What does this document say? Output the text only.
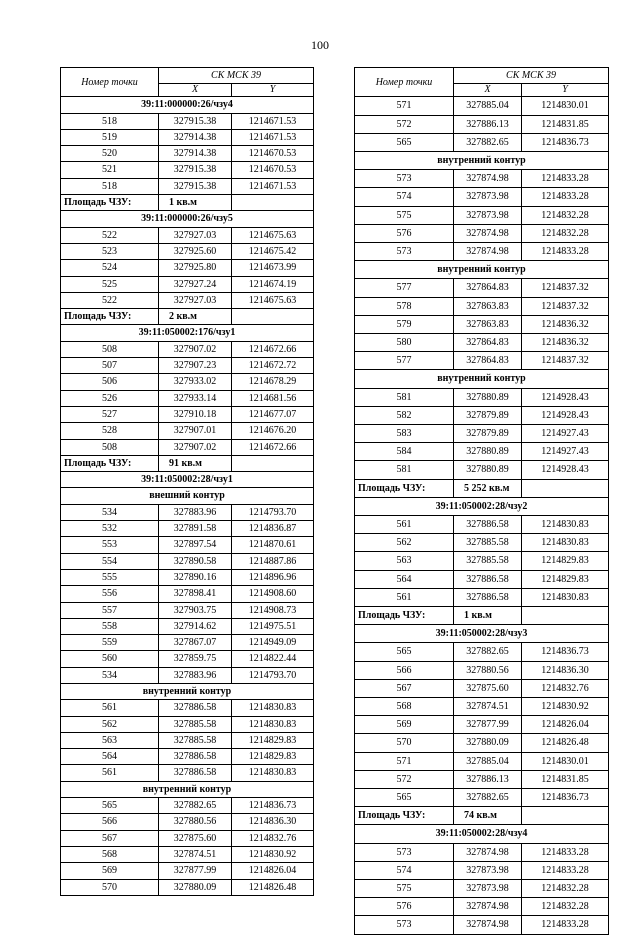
100
Номер точки	СК МСК 39	
	X	Y
39:11:000000:26/чзу4		
518	327915.38	1214671.53
519	327914.38	1214671.53
520	327914.38	1214670.53
521	327915.38	1214670.53
518	327915.38	1214671.53
Площадь ЧЗУ:	1 кв.м	
39:11:000000:26/чзу5		
522	327927.03	1214675.63
523	327925.60	1214675.42
524	327925.80	1214673.99
525	327927.24	1214674.19
522	327927.03	1214675.63
Площадь ЧЗУ:	2 кв.м	
39:11:050002:176/чзу1		
508	327907.02	1214672.66
507	327907.23	1214672.72
506	327933.02	1214678.29
526	327933.14	1214681.56
527	327910.18	1214677.07
528	327907.01	1214676.20
508	327907.02	1214672.66
Площадь ЧЗУ:	91 кв.м	
39:11:050002:28/чзу1		
внешний контур		
534	327883.96	1214793.70
532	327891.58	1214836.87
553	327897.54	1214870.61
554	327890.58	1214887.86
555	327890.16	1214896.96
556	327898.41	1214908.60
557	327903.75	1214908.73
558	327914.62	1214975.51
559	327867.07	1214949.09
560	327859.75	1214822.44
534	327883.96	1214793.70
внутренний контур		
561	327886.58	1214830.83
562	327885.58	1214830.83
563	327885.58	1214829.83
564	327886.58	1214829.83
561	327886.58	1214830.83
внутренний контур		
565	327882.65	1214836.73
566	327880.56	1214836.30
567	327875.60	1214832.76
568	327874.51	1214830.92
569	327877.99	1214826.04
570	327880.09	1214826.48
Номер точки	СК МСК 39	
	X	Y
571	327885.04	1214830.01
572	327886.13	1214831.85
565	327882.65	1214836.73
внутренний контур		
573	327874.98	1214833.28
574	327873.98	1214833.28
575	327873.98	1214832.28
576	327874.98	1214832.28
573	327874.98	1214833.28
внутренний контур		
577	327864.83	1214837.32
578	327863.83	1214837.32
579	327863.83	1214836.32
580	327864.83	1214836.32
577	327864.83	1214837.32
внутренний контур		
581	327880.89	1214928.43
582	327879.89	1214928.43
583	327879.89	1214927.43
584	327880.89	1214927.43
581	327880.89	1214928.43
Площадь ЧЗУ:	5 252 кв.м	
39:11:050002:28/чзу2		
561	327886.58	1214830.83
562	327885.58	1214830.83
563	327885.58	1214829.83
564	327886.58	1214829.83
561	327886.58	1214830.83
Площадь ЧЗУ:	1 кв.м	
39:11:050002:28/чзу3		
565	327882.65	1214836.73
566	327880.56	1214836.30
567	327875.60	1214832.76
568	327874.51	1214830.92
569	327877.99	1214826.04
570	327880.09	1214826.48
571	327885.04	1214830.01
572	327886.13	1214831.85
565	327882.65	1214836.73
Площадь ЧЗУ:	74 кв.м	
39:11:050002:28/чзу4		
573	327874.98	1214833.28
574	327873.98	1214833.28
575	327873.98	1214832.28
576	327874.98	1214832.28
573	327874.98	1214833.28
